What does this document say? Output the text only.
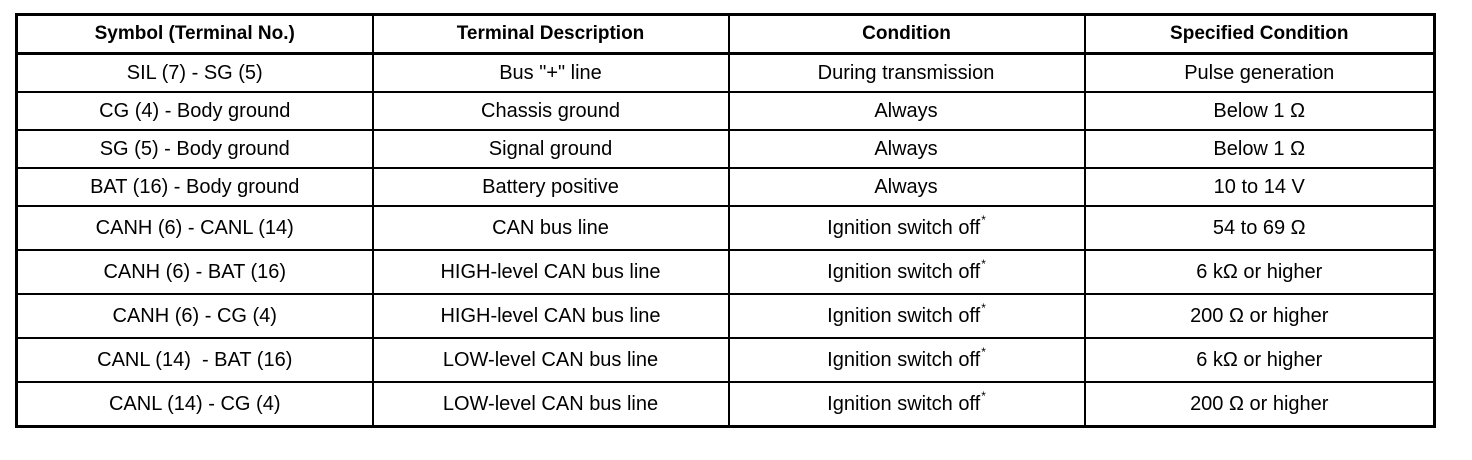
Symbol (Terminal No.)	Terminal Description	Condition	Specified Condition
SIL (7) - SG (5)	Bus "+" line	During transmission	Pulse generation
CG (4) - Body ground	Chassis ground	Always	Below 1 Ω
SG (5) - Body ground	Signal ground	Always	Below 1 Ω
BAT (16) - Body ground	Battery positive	Always	10 to 14 V
CANH (6) - CANL (14)	CAN bus line	Ignition switch off*	54 to 69 Ω
CANH (6) - BAT (16)	HIGH-level CAN bus line	Ignition switch off*	6 kΩ or higher
CANH (6) - CG (4)	HIGH-level CAN bus line	Ignition switch off*	200 Ω or higher
CANL (14)  - BAT (16)	LOW-level CAN bus line	Ignition switch off*	6 kΩ or higher
CANL (14) - CG (4)	LOW-level CAN bus line	Ignition switch off*	200 Ω or higher
